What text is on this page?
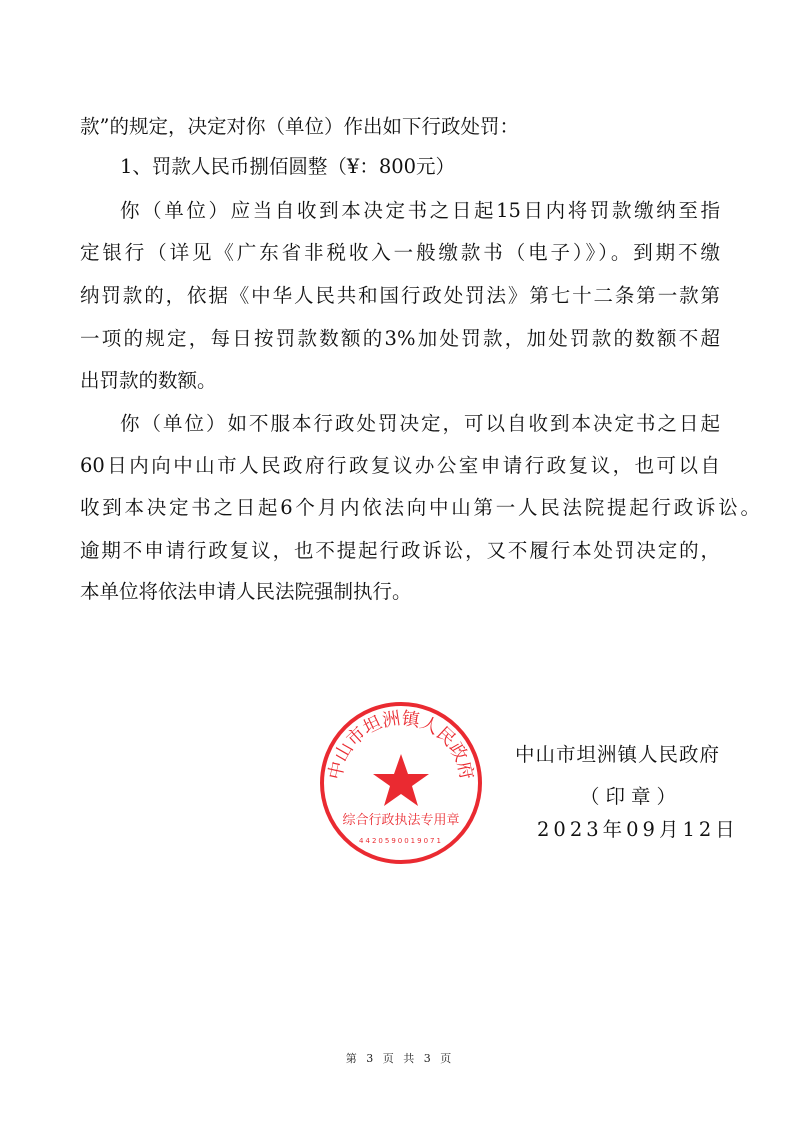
款”的规定，决定对你（单位）作出如下行政处罚：
1、罚款人民币捌佰圆整（¥：800元）
你（单位）应当自收到本决定书之日起15日内将罚款缴纳至指
定银行（详见《广东省非税收入一般缴款书（电子）》）。到期不缴
纳罚款的，依据《中华人民共和国行政处罚法》第七十二条第一款第
一项的规定，每日按罚款数额的3%加处罚款，加处罚款的数额不超
出罚款的数额。
你（单位）如不服本行政处罚决定，可以自收到本决定书之日起
60日内向中山市人民政府行政复议办公室申请行政复议，也可以自
收到本决定书之日起6个月内依法向中山第一人民法院提起行政诉讼。
逾期不申请行政复议，也不提起行政诉讼，又不履行本处罚决定的，
本单位将依法申请人民法院强制执行。
中山市坦洲镇人民政府
（印章）
2023年09月12日
中山市坦洲镇人民政府
综合行政执法专用章
4420590019071
第 3 页 共 3 页
